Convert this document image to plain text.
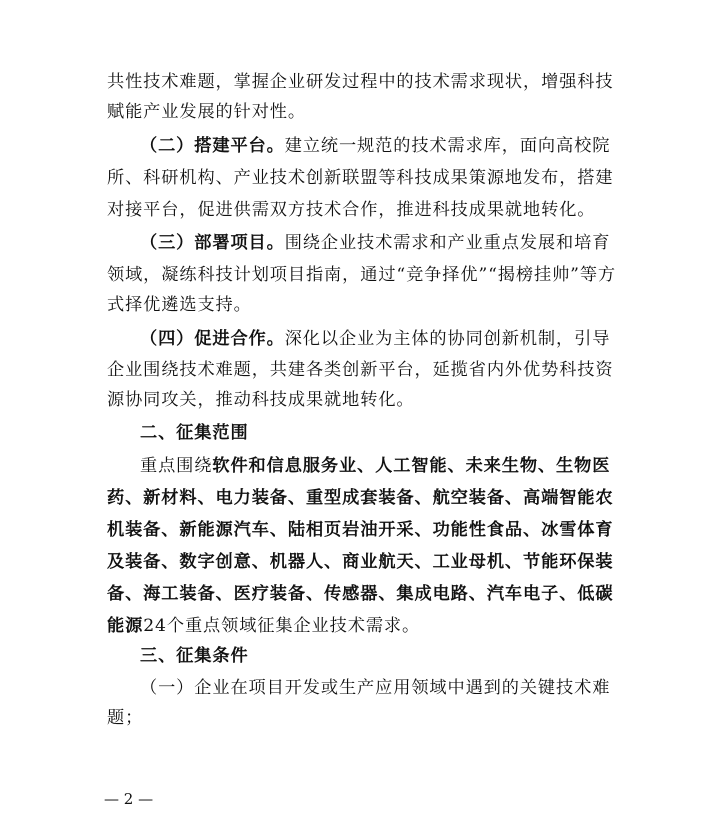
共性技术难题，掌握企业研发过程中的技术需求现状，增强科技
赋能产业发展的针对性。
（二）搭建平台。建立统一规范的技术需求库，面向高校院
所、科研机构、产业技术创新联盟等科技成果策源地发布，搭建
对接平台，促进供需双方技术合作，推进科技成果就地转化。
（三）部署项目。围绕企业技术需求和产业重点发展和培育
领域，凝练科技计划项目指南，通过“竞争择优”“揭榜挂帅”等方
式择优遴选支持。
（四）促进合作。深化以企业为主体的协同创新机制，引导
企业围绕技术难题，共建各类创新平台，延揽省内外优势科技资
源协同攻关，推动科技成果就地转化。
二、征集范围
重点围绕软件和信息服务业、人工智能、未来生物、生物医
药、新材料、电力装备、重型成套装备、航空装备、高端智能农
机装备、新能源汽车、陆相页岩油开采、功能性食品、冰雪体育
及装备、数字创意、机器人、商业航天、工业母机、节能环保装
备、海工装备、医疗装备、传感器、集成电路、汽车电子、低碳
能源24个重点领域征集企业技术需求。
三、征集条件
（一）企业在项目开发或生产应用领域中遇到的关键技术难
题；
— 2 —
